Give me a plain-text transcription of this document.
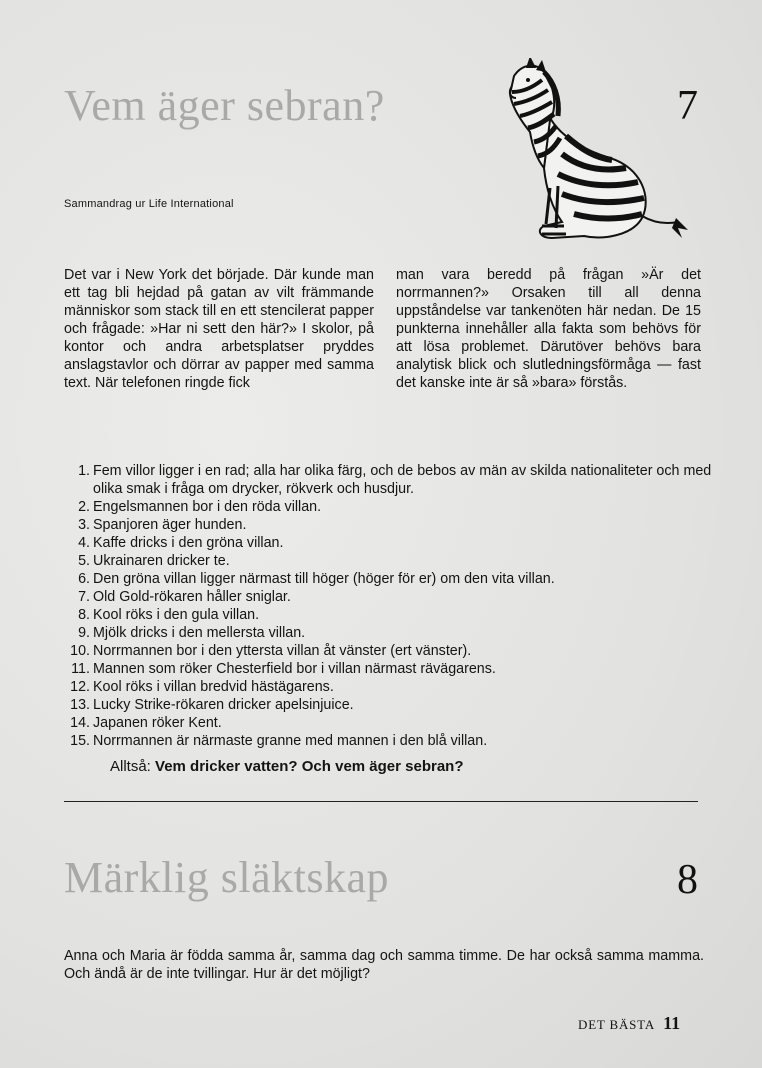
Vem äger sebran?	7

Sammandrag ur Life International

Det var i New York det började. Där kunde man ett tag bli hejdad på gatan av vilt främmande människor som stack till en ett stencilerat papper och frågade: »Har ni sett den här?» I skolor, på kontor och andra arbetsplatser pryddes anslagstavlor och dörrar av papper med samma text. När telefonen ringde fick

man vara beredd på frågan »Är det norrmannen?» Orsaken till all denna uppståndelse var tankenöten här nedan. De 15 punkterna innehåller alla fakta som behövs för att lösa problemet. Därutöver behövs bara analytisk blick och slutledningsförmåga — fast det kanske inte är så »bara» förstås.

1. Fem villor ligger i en rad; alla har olika färg, och de bebos av män av skilda nationaliteter och med olika smak i fråga om drycker, rökverk och husdjur.
2. Engelsmannen bor i den röda villan.
3. Spanjoren äger hunden.
4. Kaffe dricks i den gröna villan.
5. Ukrainaren dricker te.
6. Den gröna villan ligger närmast till höger (höger för er) om den vita villan.
7. Old Gold-rökaren håller sniglar.
8. Kool röks i den gula villan.
9. Mjölk dricks i den mellersta villan.
10. Norrmannen bor i den yttersta villan åt vänster (ert vänster).
11. Mannen som röker Chesterfield bor i villan närmast rävägarens.
12. Kool röks i villan bredvid hästägarens.
13. Lucky Strike-rökaren dricker apelsinjuice.
14. Japanen röker Kent.
15. Norrmannen är närmaste granne med mannen i den blå villan.

Alltså: Vem dricker vatten? Och vem äger sebran?

Märklig släktskap	8

Anna och Maria är födda samma år, samma dag och samma timme. De har också samma mamma. Och ändå är de inte tvillingar. Hur är det möjligt?

DET BÄSTA 11
